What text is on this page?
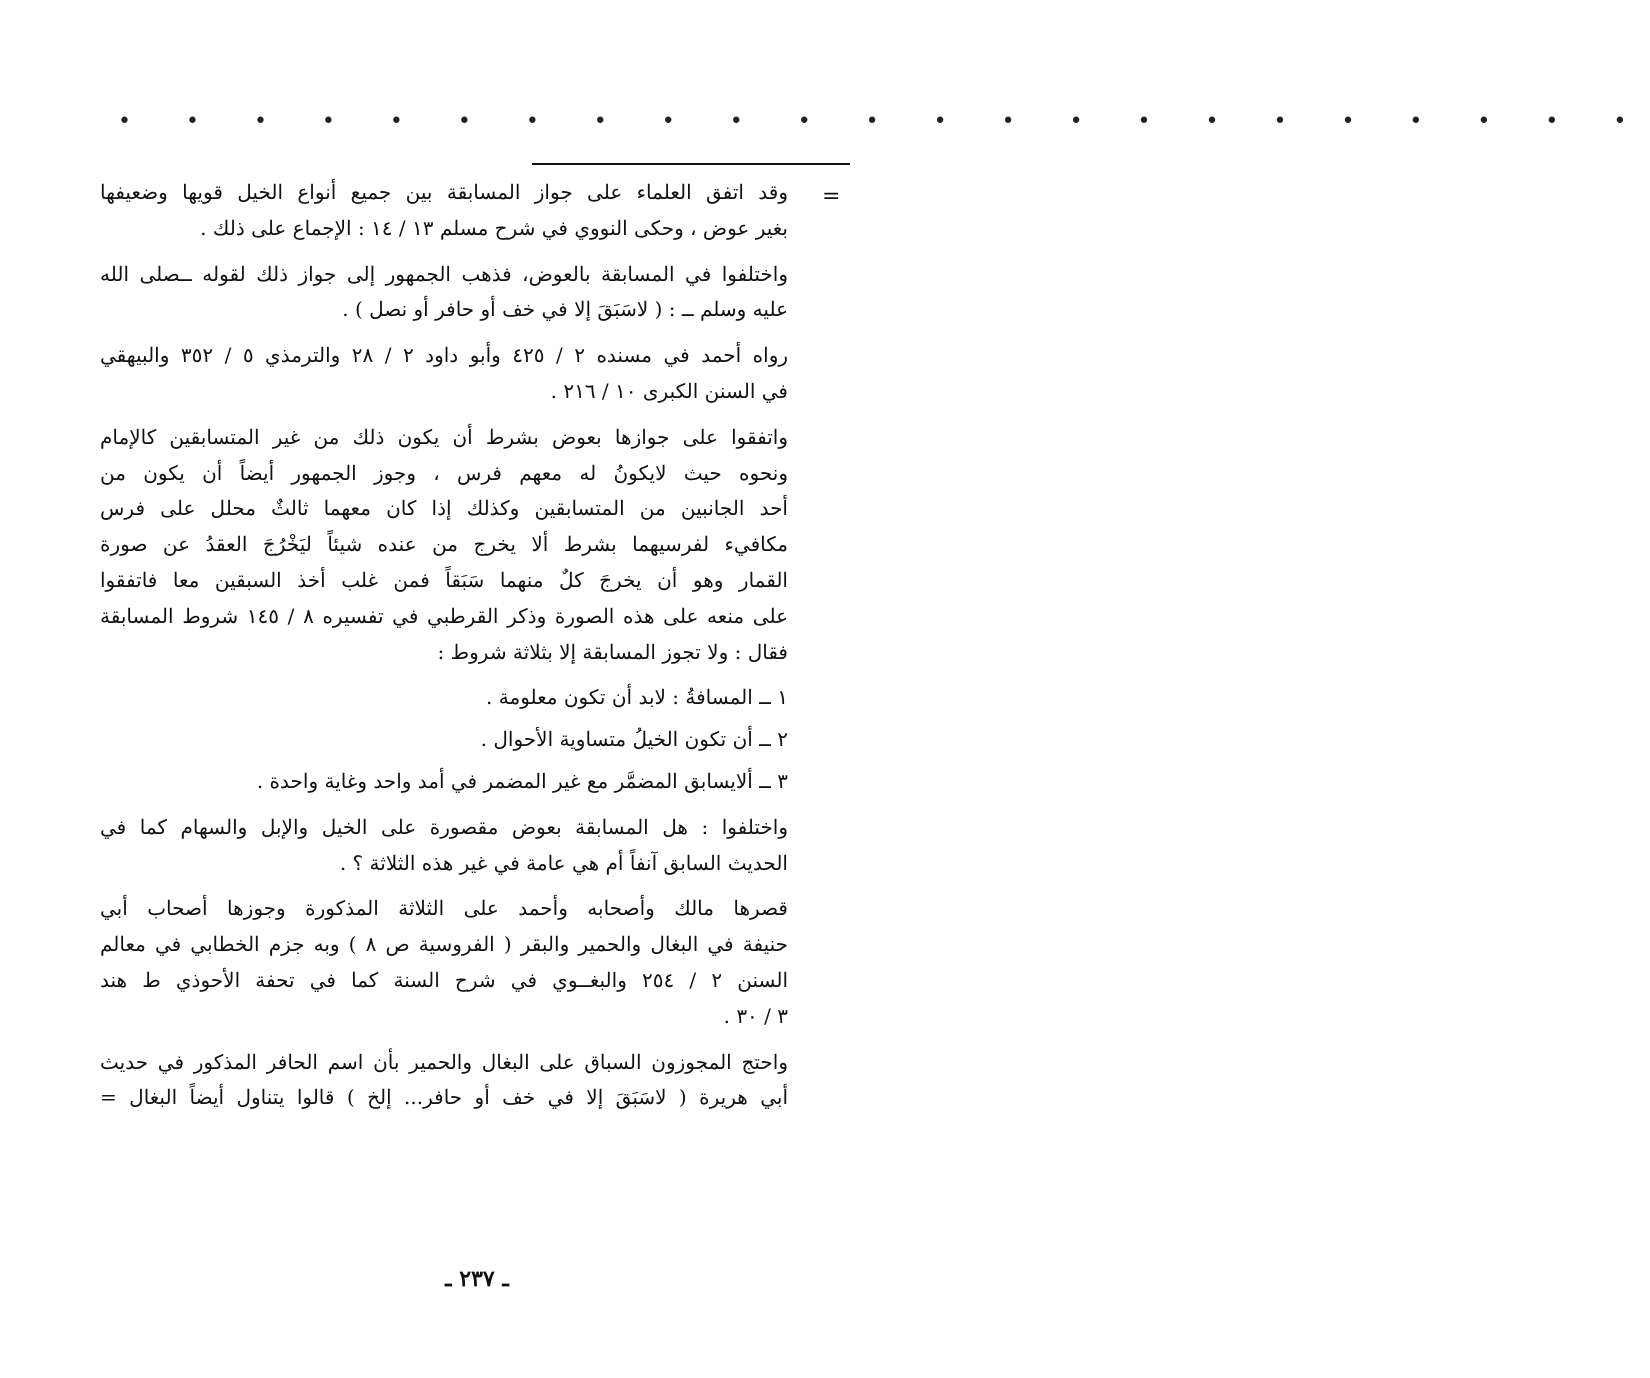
• • • • • • • • • • • • • • • • • • • • • • •
=
وقد اتفق العلماء على جواز المسابقة بين جميع أنواع الخيل قويها وضعيفها
بغير عوض ، وحكى النووي في شرح مسلم ١٣ / ١٤ : الإجماع على ذلك .
واختلفوا في المسابقة بالعوض، فذهب الجمهور إلى جواز ذلك لقوله ــصلى الله
عليه وسلم ــ : ( لاسَبَقَ إلا في خف أو حافر أو نصل ) .
رواه أحمد في مسنده ٢ / ٤٢٥ وأبو داود ٢ / ٢٨ والترمذي ٥ / ٣٥٢ والبيهقي
في السنن الكبرى ١٠ / ٢١٦ .
واتفقوا على جوازها بعوض بشرط أن يكون ذلك من غير المتسابقين كالإمام
ونحوه حيث لايكونُ له معهم فرس ، وجوز الجمهور أيضاً أن يكون من
أحد الجانبين من المتسابقين وكذلك إذا كان معهما ثالثٌ محلل على فرس
مكافيء لفرسيهما بشرط ألا يخرج من عنده شيئاً ليَخْرُجَ العقدُ عن صورة
القمار وهو أن يخرجَ كلٌ منهما سَبَقاً فمن غلب أخذ السبقين معا فاتفقوا
على منعه على هذه الصورة وذكر القرطبي في تفسيره ٨ / ١٤٥ شروط المسابقة
فقال : ولا تجوز المسابقة إلا بثلاثة شروط :
١ ــ المسافةُ : لابد أن تكون معلومة .
٢ ــ أن تكون الخيلُ متساوية الأحوال .
٣ ــ ألايسابق المضمَّر مع غير المضمر في أمد واحد وغاية واحدة .
واختلفوا : هل المسابقة بعوض مقصورة على الخيل والإبل والسهام كما في
الحديث السابق آنفاً أم هي عامة في غير هذه الثلاثة ؟ .
قصرها مالك وأصحابه وأحمد على الثلاثة المذكورة وجوزها أصحاب أبي
حنيفة في البغال والحمير والبقر ( الفروسية ص ٨ ) وبه جزم الخطابي في معالم
السنن ٢ / ٢٥٤ والبغــوي في شرح السنة كما في تحفة الأحوذي ط هند
٣ / ٣٠ .
واحتج المجوزون السباق على البغال والحمير بأن اسم الحافر المذكور في حديث
أبي هريرة ( لاسَبَقَ إلا في خف أو حافر... إلخ ) قالوا يتناول أيضاً البغال =
ـ ٢٣٧ ـ
